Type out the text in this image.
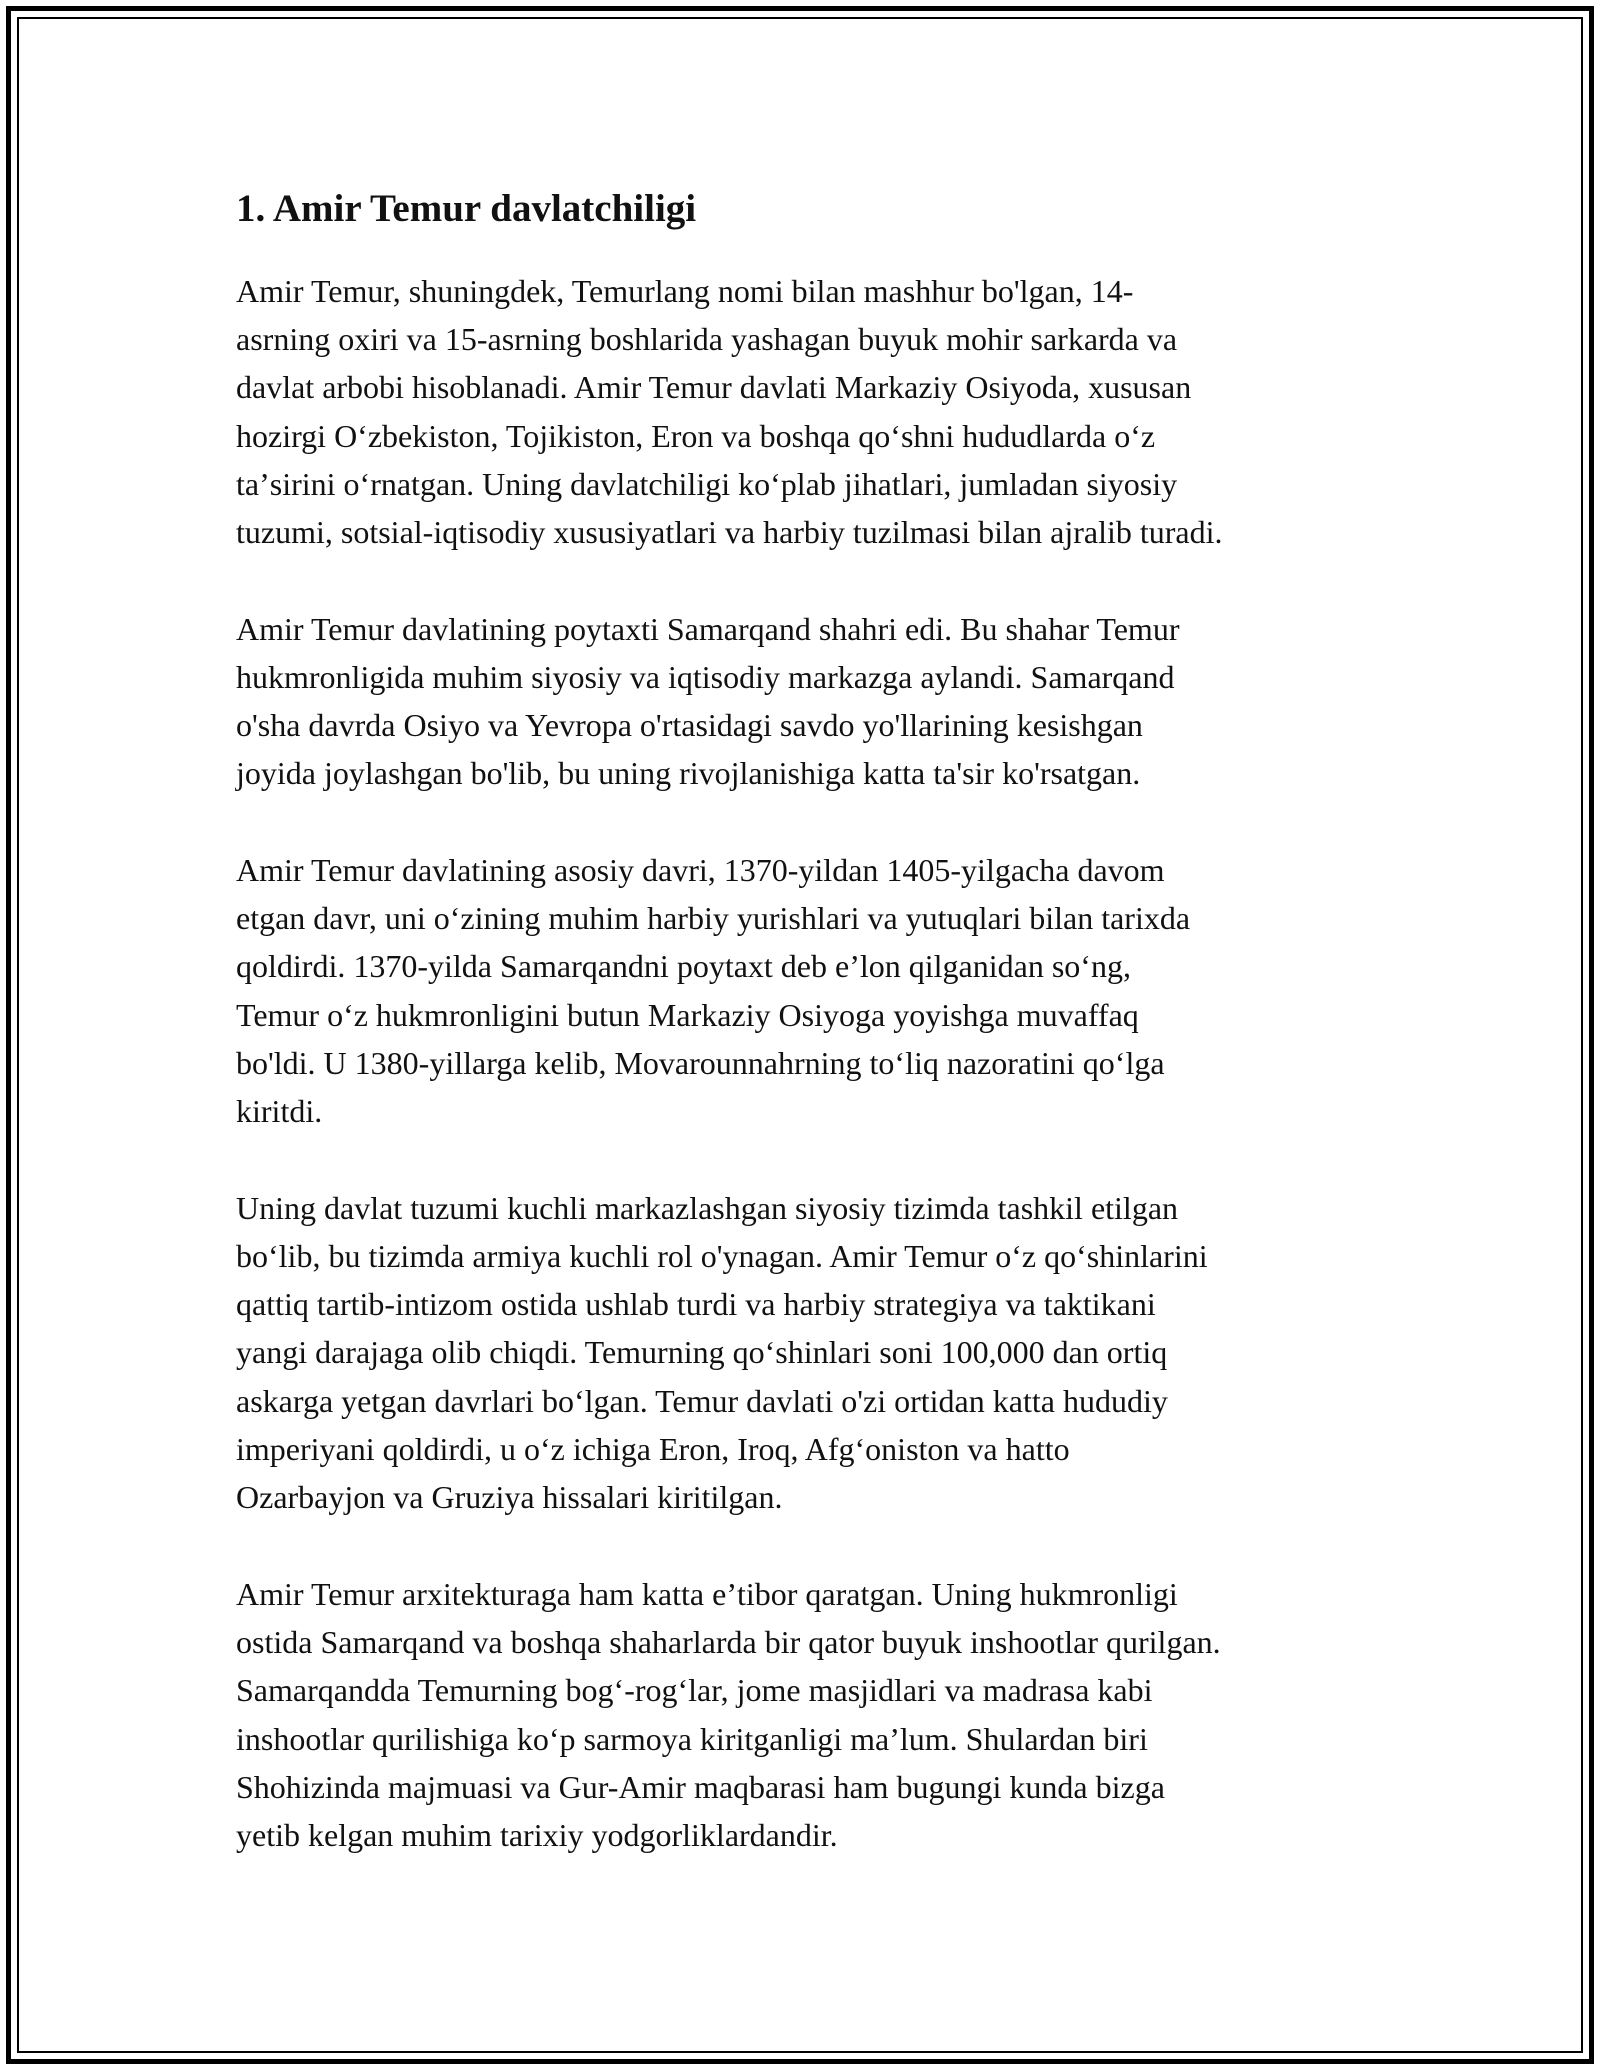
1. Amir Temur davlatchiligi

Amir Temur, shuningdek, Temurlang nomi bilan mashhur bo'lgan, 14-
asrning oxiri va 15-asrning boshlarida yashagan buyuk mohir sarkarda va
davlat arbobi hisoblanadi. Amir Temur davlati Markaziy Osiyoda, xususan
hozirgi Oʻzbekiston, Tojikiston, Eron va boshqa qoʻshni hududlarda oʻz
taʼsirini oʻrnatgan. Uning davlatchiligi koʻplab jihatlari, jumladan siyosiy
tuzumi, sotsial-iqtisodiy xususiyatlari va harbiy tuzilmasi bilan ajralib turadi.

Amir Temur davlatining poytaxti Samarqand shahri edi. Bu shahar Temur
hukmronligida muhim siyosiy va iqtisodiy markazga aylandi. Samarqand
o'sha davrda Osiyo va Yevropa o'rtasidagi savdo yo'llarining kesishgan
joyida joylashgan bo'lib, bu uning rivojlanishiga katta ta'sir ko'rsatgan.

Amir Temur davlatining asosiy davri, 1370-yildan 1405-yilgacha davom
etgan davr, uni oʻzining muhim harbiy yurishlari va yutuqlari bilan tarixda
qoldirdi. 1370-yilda Samarqandni poytaxt deb eʼlon qilganidan soʻng,
Temur oʻz hukmronligini butun Markaziy Osiyoga yoyishga muvaffaq
bo'ldi. U 1380-yillarga kelib, Movarounnahrning toʻliq nazoratini qoʻlga
kiritdi.

Uning davlat tuzumi kuchli markazlashgan siyosiy tizimda tashkil etilgan
boʻlib, bu tizimda armiya kuchli rol o'ynagan. Amir Temur oʻz qoʻshinlarini
qattiq tartib-intizom ostida ushlab turdi va harbiy strategiya va taktikani
yangi darajaga olib chiqdi. Temurning qoʻshinlari soni 100,000 dan ortiq
askarga yetgan davrlari boʻlgan. Temur davlati o'zi ortidan katta hududiy
imperiyani qoldirdi, u oʻz ichiga Eron, Iroq, Afgʻoniston va hatto
Ozarbayjon va Gruziya hissalari kiritilgan.

Amir Temur arxitekturaga ham katta eʼtibor qaratgan. Uning hukmronligi
ostida Samarqand va boshqa shaharlarda bir qator buyuk inshootlar qurilgan.
Samarqandda Temurning bogʻ-rogʻlar, jome masjidlari va madrasa kabi
inshootlar qurilishiga koʻp sarmoya kiritganligi maʼlum. Shulardan biri
Shohizinda majmuasi va Gur-Amir maqbarasi ham bugungi kunda bizga
yetib kelgan muhim tarixiy yodgorliklardandir.
